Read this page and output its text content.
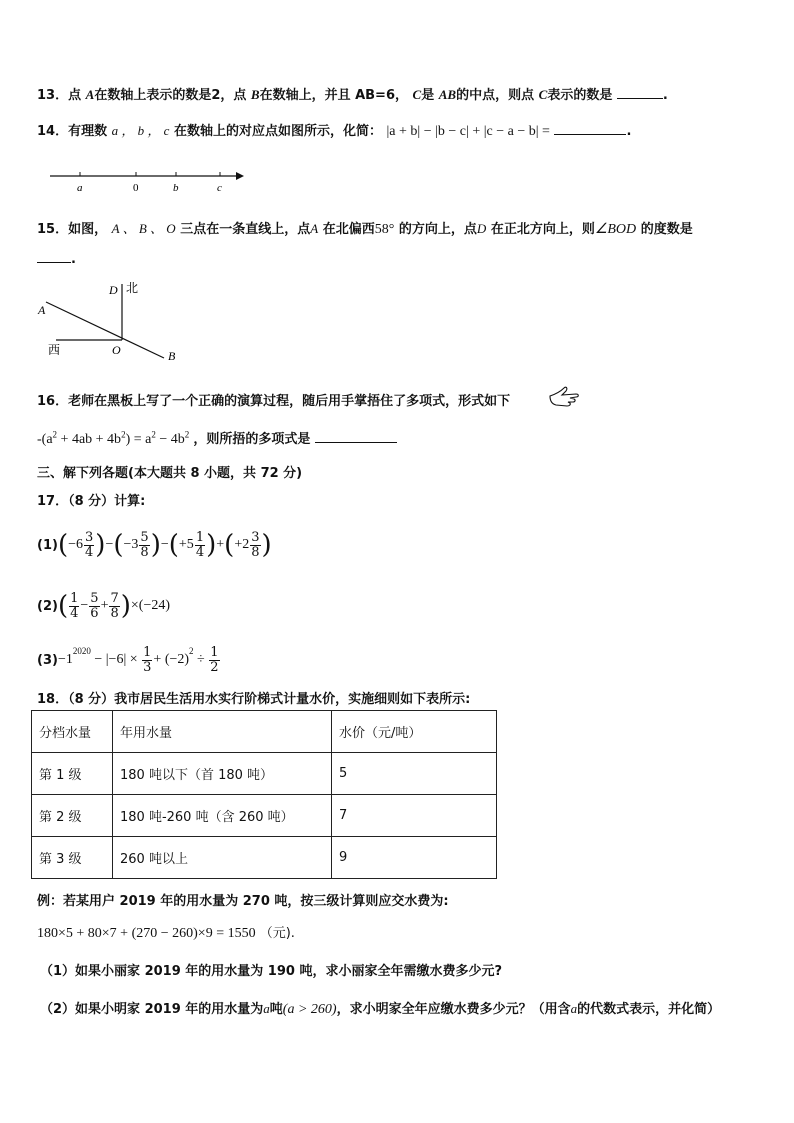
13．点 A在数轴上表示的数是2，点 B在数轴上，并且 AB=6， C是 AB的中点，则点 C表示的数是	.
14．有理数 a ， b ， c 在数轴上的对应点如图所示，化简： |a + b| − |b − c| + |c − a − b| =	.
a	0	b	c
15．如图， A 、 B 、 O 三点在一条直线上，点A 在北偏西58° 的方向上，点D 在正北方向上，则∠BOD 的度数是
.
D 北
A
西	O	B
16．老师在黑板上写了一个正确的演算过程，随后用手掌捂住了多项式，形式如下
$-(a^2 + 4ab + 4b^2) = a^2 - 4b^2$ ，则所捂的多项式是
三、解下列各题(本大题共 8 小题，共 72 分)
17．（8 分）计算:
(1) ( $-6 \frac{3}{4}$ ) − ( $-3 \frac{5}{8}$ ) − ( $+5 \frac{1}{4}$ ) + ( $+2 \frac{3}{8}$ )
(2) ( $\frac{1}{4} - \frac{5}{6} + \frac{7}{8}$ ) ×(−24)
(3) −1
$^{2020}$
− $|-6| \times \frac{1}{3} + (-2)$
$^2$
÷ $\frac{1}{2}$
18．（8 分）我市居民生活用水实行阶梯式计量水价，实施细则如下表所示:
分档水量	年用水量	水价（元/吨）
第 1 级	180 吨以下（首 180 吨）	5
第 2 级	180 吨-260 吨（含 260 吨）	7
第 3 级	260 吨以上	9
例：若某用户 2019 年的用水量为 270 吨，按三级计算则应交水费为:
180×5 + 80×7 + (270 − 260)×9 = 1550 （元).
（1）如果小丽家 2019 年的用水量为 190 吨，求小丽家全年需缴水费多少元?
（2）如果小明家 2019 年的用水量为a吨(a > 260)，求小明家全年应缴水费多少元？（用含a的代数式表示，并化简）
